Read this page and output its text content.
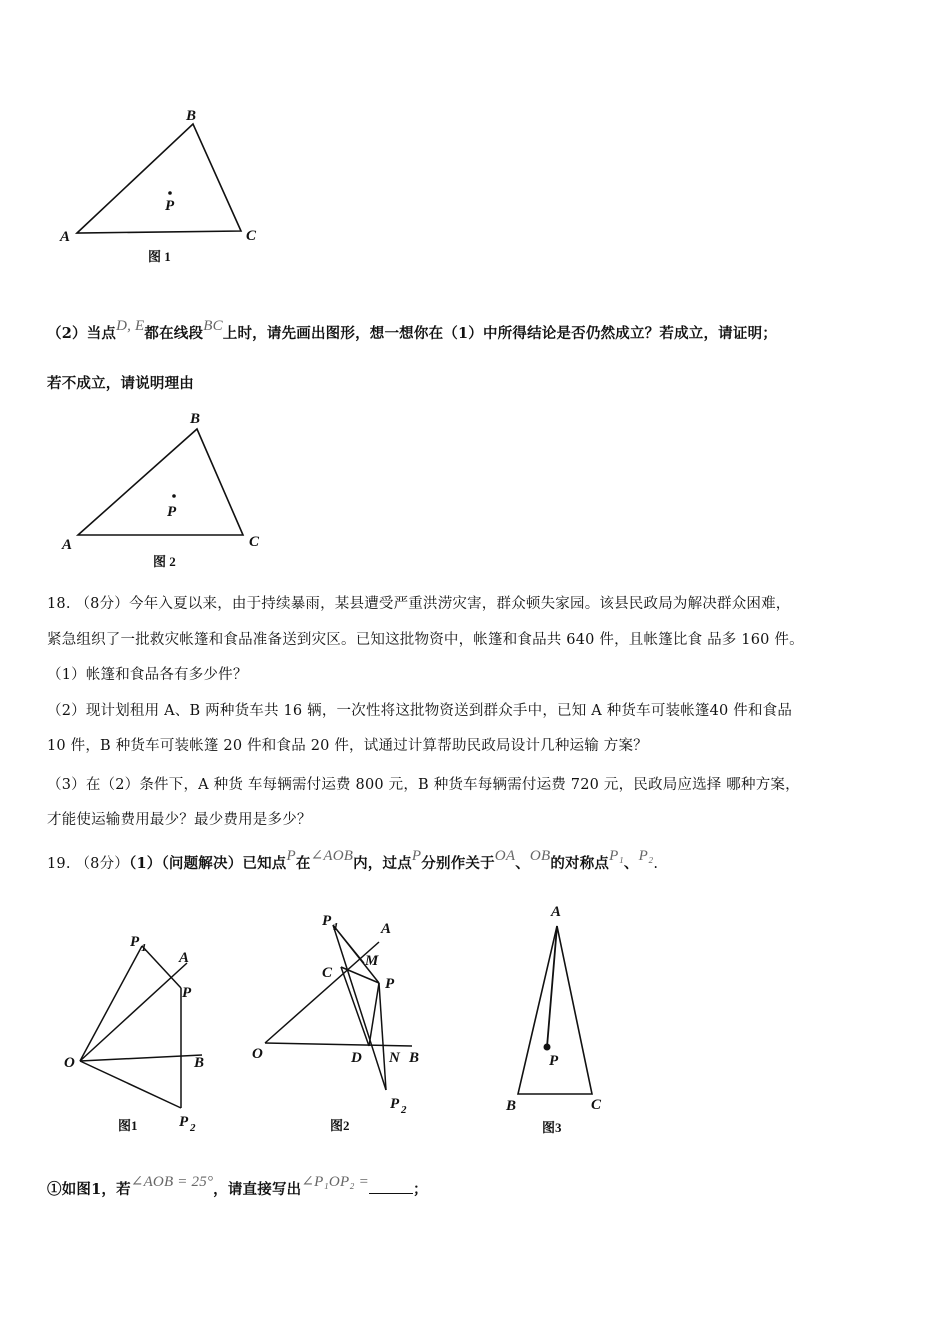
B
A	C
P
图 1
（2）当点D, E都在线段BC上时，请先画出图形，想一想你在（1）中所得结论是否仍然成立？若成立，请证明；
若不成立，请说明理由
B
A	C
P
图 2
18. （8分）今年入夏以来，由于持续暴雨，某县遭受严重洪涝灾害，群众顿失家园。该县民政局为解决群众困难，
紧急组织了一批救灾帐篷和食品准备送到灾区。已知这批物资中，帐篷和食品共 640 件，且帐篷比食 品多 160 件。
（1）帐篷和食品各有多少件？
（2）现计划租用 A、B 两种货车共 16 辆，一次性将这批物资送到群众手中，已知 A 种货车可装帐篷40 件和食品
10 件，B 种货车可装帐篷 20 件和食品 20 件，试通过计算帮助民政局设计几种运输 方案？
（3）在（2）条件下，A 种货 车每辆需付运费 800 元，B 种货车每辆需付运费 720 元，民政局应选择 哪种方案，
才能使运输费用最少？最少费用是多少？
19. （8分）（1）（问题解决）已知点P在∠AOB内，过点P分别作关于OA、OB的对称点P₁、P₂.
P 1
A
P
O	B
P 2
图1
P 1	A
C
M
P
O	D N B
P 2
图2
A
P
B	C
图3
①如图1，若∠AOB = 25°，请直接写出∠P₁OP₂ =	；
